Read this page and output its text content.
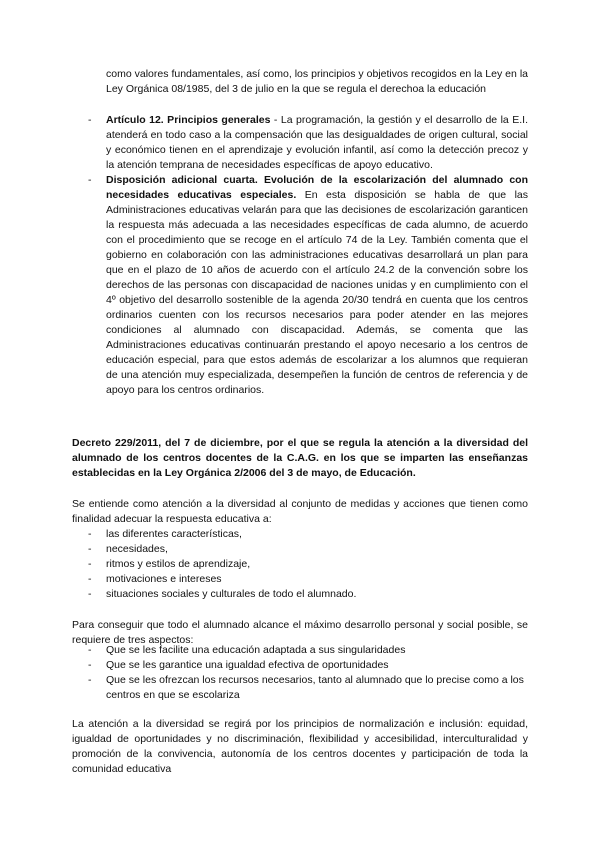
como valores fundamentales, así como, los principios y objetivos recogidos en la Ley en la Ley Orgánica 08/1985, del 3 de julio en la que se regula el derechoa la educación
- Artículo 12. Principios generales - La programación, la gestión y el desarrollo de la E.I. atenderá en todo caso a la compensación que las desigualdades de origen cultural, social y económico tienen en el aprendizaje y evolución infantil, así como la detección precoz y la atención temprana de necesidades específicas de apoyo educativo.
- Disposición adicional cuarta. Evolución de la escolarización del alumnado con necesidades educativas especiales. En esta disposición se habla de que las Administraciones educativas velarán para que las decisiones de escolarización garanticen la respuesta más adecuada a las necesidades específicas de cada alumno, de acuerdo con el procedimiento que se recoge en el artículo 74 de la Ley. También comenta que el gobierno en colaboración con las administraciones educativas desarrollará un plan para que en el plazo de 10 años de acuerdo con el artículo 24.2 de la convención sobre los derechos de las personas con discapacidad de naciones unidas y en cumplimiento con el 4º objetivo del desarrollo sostenible de la agenda 20/30 tendrá en cuenta que los centros ordinarios cuenten con los recursos necesarios para poder atender en las mejores condiciones al alumnado con discapacidad. Además, se comenta que las Administraciones educativas continuarán prestando el apoyo necesario a los centros de educación especial, para que estos además de escolarizar a los alumnos que requieran de una atención muy especializada, desempeñen la función de centros de referencia y de apoyo para los centros ordinarios.

Decreto 229/2011, del 7 de diciembre, por el que se regula la atención a la diversidad del alumnado de los centros docentes de la C.A.G. en los que se imparten las enseñanzas establecidas en la Ley Orgánica 2/2006 del 3 de mayo, de Educación.

Se entiende como atención a la diversidad al conjunto de medidas y acciones que tienen como finalidad adecuar la respuesta educativa a:

- las diferentes características,
- necesidades,
- ritmos y estilos de aprendizaje,
- motivaciones e intereses
- situaciones sociales y culturales de todo el alumnado.

Para conseguir que todo el alumnado alcance el máximo desarrollo personal y social posible, se requiere de tres aspectos:

- Que se les facilite una educación adaptada a sus singularidades
- Que se les garantice una igualdad efectiva de oportunidades
- Que se les ofrezcan los recursos necesarios, tanto al alumnado que lo precise como a los centros en que se escolariza

La atención a la diversidad se regirá por los principios de normalización e inclusión: equidad, igualdad de oportunidades y no discriminación, flexibilidad y accesibilidad, interculturalidad y promoción de la convivencia, autonomía de los centros docentes y participación de toda la comunidad educativa
